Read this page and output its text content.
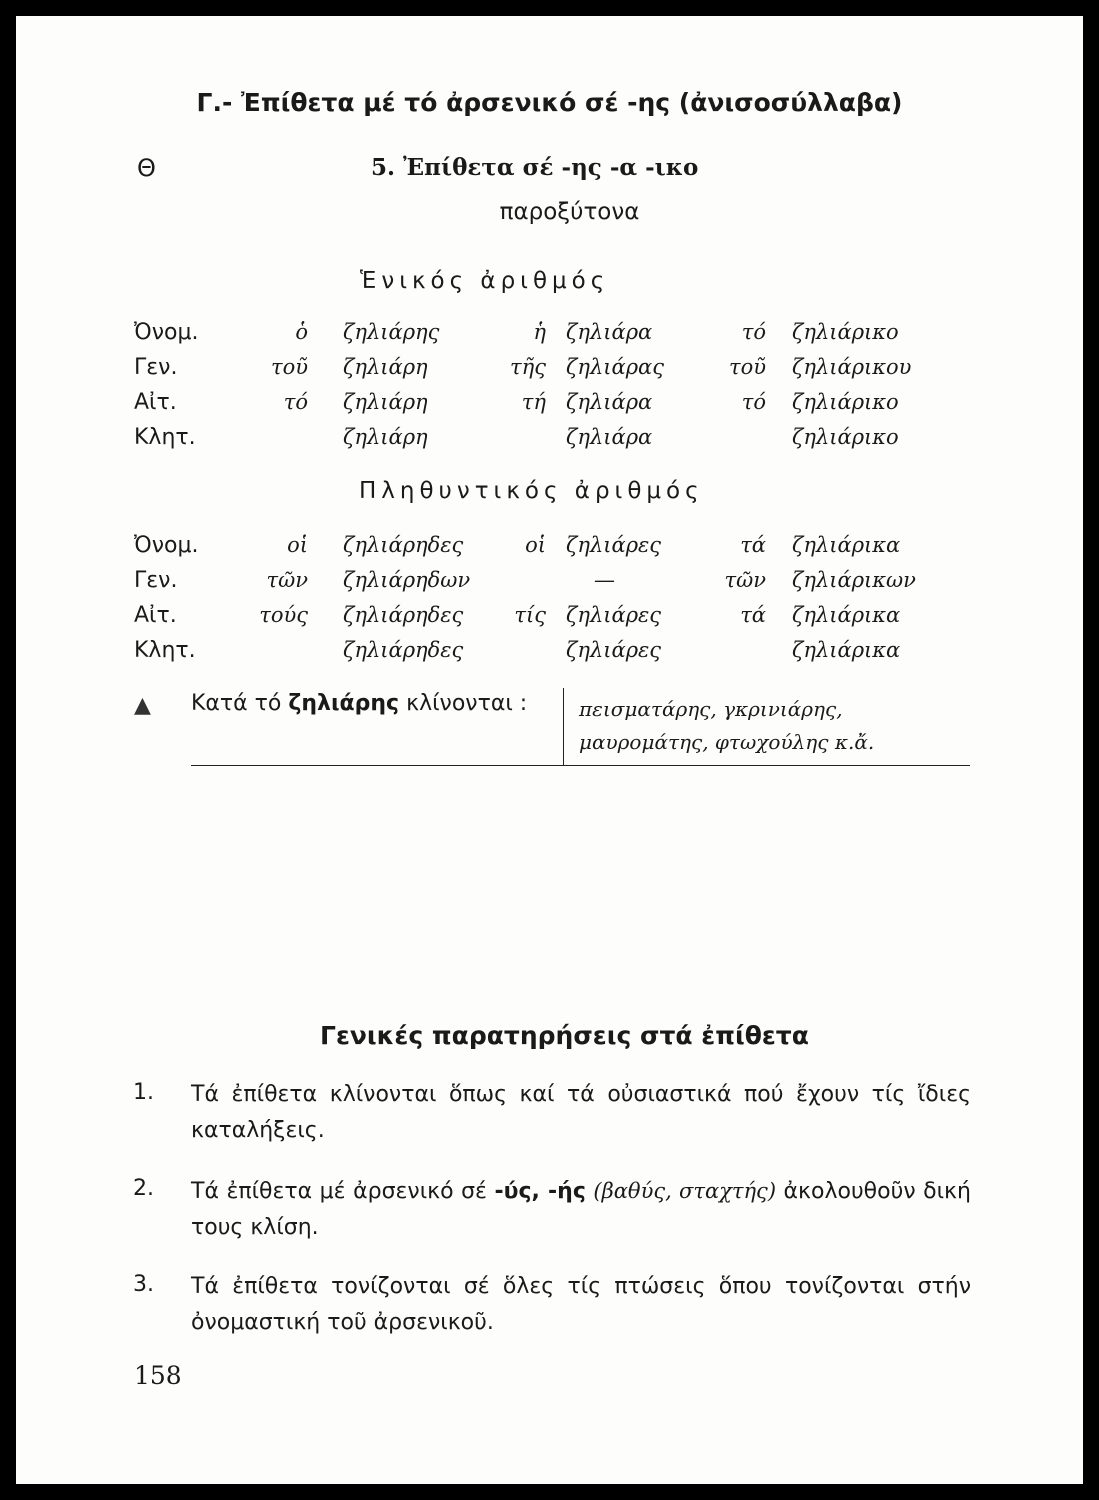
Γ.- Ἐπίθετα μέ τό ἀρσενικό σέ -ης (ἀνισοσύλλαβα)
Θ	5. Ἐπίθετα σέ -ης -α -ικο
παροξύτονα
Ἑνικός ἀριθμός
Ὀνομ.	ὁ ζηλιάρης	ἡ ζηλιάρα	τό ζηλιάρικο
Γεν.	τοῦ ζηλιάρη	τῆς ζηλιάρας	τοῦ ζηλιάρικου
Αἰτ.	τό ζηλιάρη	τή ζηλιάρα	τό ζηλιάρικο
Κλητ.	ζηλιάρη	ζηλιάρα	ζηλιάρικο
Πληθυντικός ἀριθμός
Ὀνομ.	οἱ ζηλιάρηδες	οἱ ζηλιάρες	τά ζηλιάρικα
Γεν.	τῶν ζηλιάρηδων	—	τῶν ζηλιάρικων
Αἰτ.	τούς ζηλιάρηδες	τίς ζηλιάρες	τά ζηλιάρικα
Κλητ.	ζηλιάρηδες	ζηλιάρες	ζηλιάρικα
▲ Κατά τό ζηλιάρης κλίνονται :	πεισματάρης, γκρινιάρης, μαυρομάτης, φτωχούλης κ.ἄ.
Γενικές παρατηρήσεις στά ἐπίθετα
1. Τά ἐπίθετα κλίνονται ὅπως καί τά οὐσιαστικά πού ἔχουν τίς ἴδιες καταλήξεις.
2. Τά ἐπίθετα μέ ἀρσενικό σέ -ύς, -ής (βαθύς, σταχτής) ἀκολουθοῦν δική τους κλίση.
3. Τά ἐπίθετα τονίζονται σέ ὅλες τίς πτώσεις ὅπου τονίζονται στήν ὀνομαστική τοῦ ἀρσενικοῦ.
158
